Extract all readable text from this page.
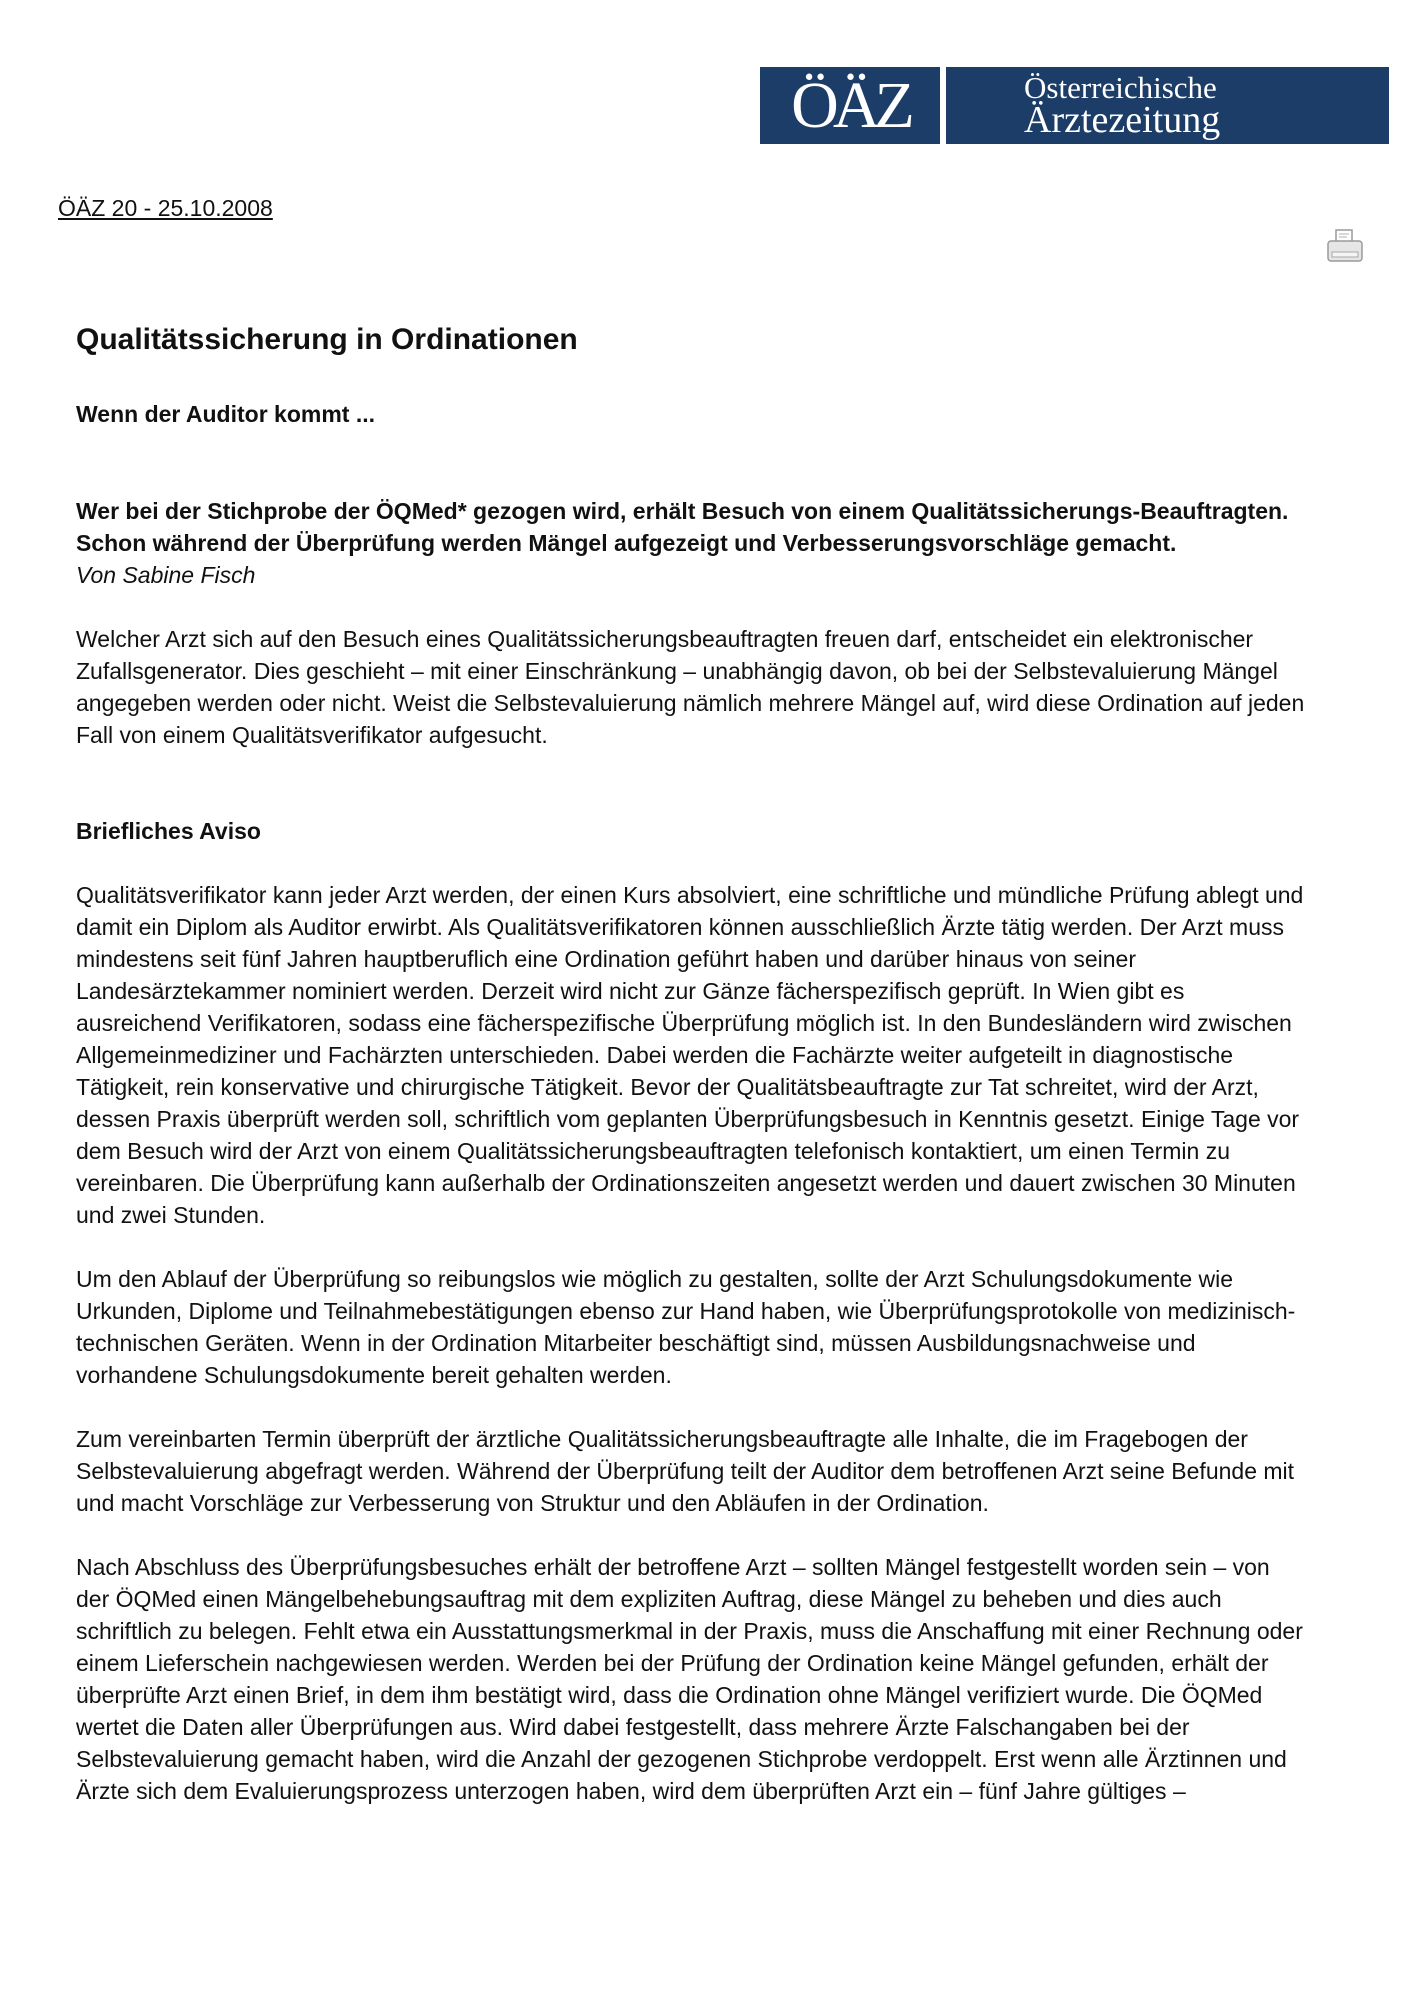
ÖÄZ	Österreichische
Ärztezeitung
ÖÄZ 20 - 25.10.2008
Qualitätssicherung in Ordinationen
Wenn der Auditor kommt ...

Wer bei der Stichprobe der ÖQMed* gezogen wird, erhält Besuch von einem Qualitätssicherungs-Beauftragten. Schon während der Überprüfung werden Mängel aufgezeigt und Verbesserungsvorschläge gemacht.

Von Sabine Fisch

Welcher Arzt sich auf den Besuch eines Qualitätssicherungsbeauftragten freuen darf, entscheidet ein elektronischer Zufallsgenerator. Dies geschieht – mit einer Einschränkung – unabhängig davon, ob bei der Selbstevaluierung Mängel angegeben werden oder nicht. Weist die Selbstevaluierung nämlich mehrere Mängel auf, wird diese Ordination auf jeden Fall von einem Qualitätsverifikator aufgesucht.

Briefliches Aviso

Qualitätsverifikator kann jeder Arzt werden, der einen Kurs absolviert, eine schriftliche und mündliche Prüfung ablegt und damit ein Diplom als Auditor erwirbt. Als Qualitätsverifikatoren können ausschließlich Ärzte tätig werden. Der Arzt muss mindestens seit fünf Jahren hauptberuflich eine Ordination geführt haben und darüber hinaus von seiner Landesärztekammer nominiert werden. Derzeit wird nicht zur Gänze fächerspezifisch geprüft. In Wien gibt es ausreichend Verifikatoren, sodass eine fächerspezifische Überprüfung möglich ist. In den Bundesländern wird zwischen Allgemeinmediziner und Fachärzten unterschieden. Dabei werden die Fachärzte weiter aufgeteilt in diagnostische Tätigkeit, rein konservative und chirurgische Tätigkeit. Bevor der Qualitätsbeauftragte zur Tat schreitet, wird der Arzt, dessen Praxis überprüft werden soll, schriftlich vom geplanten Überprüfungsbesuch in Kenntnis gesetzt. Einige Tage vor dem Besuch wird der Arzt von einem Qualitätssicherungsbeauftragten telefonisch kontaktiert, um einen Termin zu vereinbaren. Die Überprüfung kann außerhalb der Ordinationszeiten angesetzt werden und dauert zwischen 30 Minuten und zwei Stunden.

Um den Ablauf der Überprüfung so reibungslos wie möglich zu gestalten, sollte der Arzt Schulungsdokumente wie Urkunden, Diplome und Teilnahmebestätigungen ebenso zur Hand haben, wie Überprüfungsprotokolle von medizinisch-technischen Geräten. Wenn in der Ordination Mitarbeiter beschäftigt sind, müssen Ausbildungsnachweise und vorhandene Schulungsdokumente bereit gehalten werden.

Zum vereinbarten Termin überprüft der ärztliche Qualitätssicherungsbeauftragte alle Inhalte, die im Fragebogen der Selbstevaluierung abgefragt werden. Während der Überprüfung teilt der Auditor dem betroffenen Arzt seine Befunde mit und macht Vorschläge zur Verbesserung von Struktur und den Abläufen in der Ordination.

Nach Abschluss des Überprüfungsbesuches erhält der betroffene Arzt – sollten Mängel festgestellt worden sein – von der ÖQMed einen Mängelbehebungsauftrag mit dem expliziten Auftrag, diese Mängel zu beheben und dies auch schriftlich zu belegen. Fehlt etwa ein Ausstattungsmerkmal in der Praxis, muss die Anschaffung mit einer Rechnung oder einem Lieferschein nachgewiesen werden. Werden bei der Prüfung der Ordination keine Mängel gefunden, erhält der überprüfte Arzt einen Brief, in dem ihm bestätigt wird, dass die Ordination ohne Mängel verifiziert wurde. Die ÖQMed wertet die Daten aller Überprüfungen aus. Wird dabei festgestellt, dass mehrere Ärzte Falschangaben bei der Selbstevaluierung gemacht haben, wird die Anzahl der gezogenen Stichprobe verdoppelt. Erst wenn alle Ärztinnen und Ärzte sich dem Evaluierungsprozess unterzogen haben, wird dem überprüften Arzt ein – fünf Jahre gültiges –
